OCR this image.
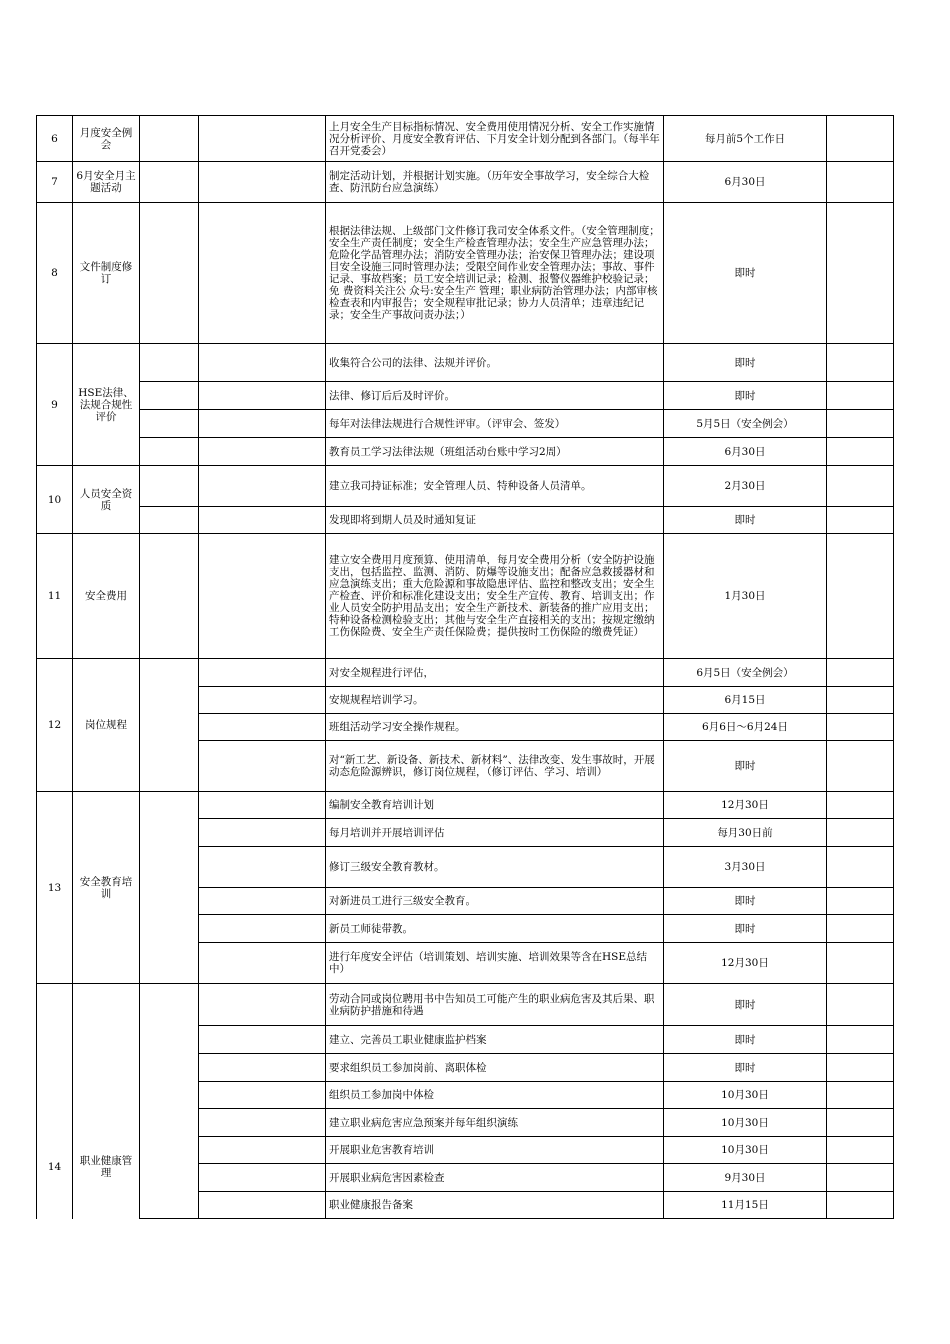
6	月度安全例会			上月安全生产目标指标情况、安全费用使用情况分析、安全工作实施情况分析评价、月度安全教育评估、下月安全计划分配到各部门。（每半年召开党委会）	每月前5个工作日	
7	6月安全月主题活动			制定活动计划，并根据计划实施。（历年安全事故学习，安全综合大检查、防汛防台应急演练）	6月30日	
8	文件制度修订			根据法律法规、上级部门文件修订我司安全体系文件。（安全管理制度；安全生产责任制度；安全生产检查管理办法；安全生产应急管理办法；危险化学品管理办法；消防安全管理办法；治安保卫管理办法；建设项目安全设施三同时管理办法；受限空间作业安全管理办法；事故、事件记录、事故档案；员工安全培训记录；检测、报警仪器维护校验记录；免 费资料关注公 众号:安全生产 管理；职业病防治管理办法；内部审核检查表和内审报告；安全规程审批记录；协力人员清单；违章违纪记录；安全生产事故问责办法；）	即时	
9	HSE法律、法规合规性评价			收集符合公司的法律、法规并评价。	即时	
				法律、修订后后及时评价。	即时	
				每年对法律法规进行合规性评审。（评审会、签发）	5月5日（安全例会）	
				教育员工学习法律法规（班组活动台账中学习2周）	6月30日	
10	人员安全资质			建立我司持证标准；安全管理人员、特种设备人员清单。	2月30日	
				发现即将到期人员及时通知复证	即时	
11	安全费用			建立安全费用月度预算、使用清单，每月安全费用分析（安全防护设施支出，包括监控、监测、消防、防爆等设施支出；配备应急救援器材和应急演练支出；重大危险源和事故隐患评估、监控和整改支出；安全生产检查、评价和标准化建设支出；安全生产宣传、教育、培训支出；作业人员安全防护用品支出；安全生产新技术、新装备的推广应用支出；特种设备检测检验支出；其他与安全生产直接相关的支出；按规定缴纳工伤保险费、安全生产责任保险费；提供按时工伤保险的缴费凭证）	1月30日	
12	岗位规程			对安全规程进行评估，	6月5日（安全例会）	
				安规规程培训学习。	6月15日	
				班组活动学习安全操作规程。	6月6日～6月24日	
				对“新工艺、新设备、新技术、新材料”、法律改变、发生事故时，开展动态危险源辨识，修订岗位规程，（修订评估、学习、培训）	即时	
13	安全教育培训			编制安全教育培训计划	12月30日	
				每月培训并开展培训评估	每月30日前	
				修订三级安全教育教材。	3月30日	
				对新进员工进行三级安全教育。	即时	
				新员工师徒带教。	即时	
				进行年度安全评估（培训策划、培训实施、培训效果等含在HSE总结中）	12月30日	
14	职业健康管理			劳动合同或岗位聘用书中告知员工可能产生的职业病危害及其后果、职业病防护措施和待遇	即时	
				建立、完善员工职业健康监护档案	即时	
				要求组织员工参加岗前、离职体检	即时	
				组织员工参加岗中体检	10月30日	
				建立职业病危害应急预案并每年组织演练	10月30日	
				开展职业危害教育培训	10月30日	
				开展职业病危害因素检查	9月30日	
				职业健康报告备案	11月15日	
